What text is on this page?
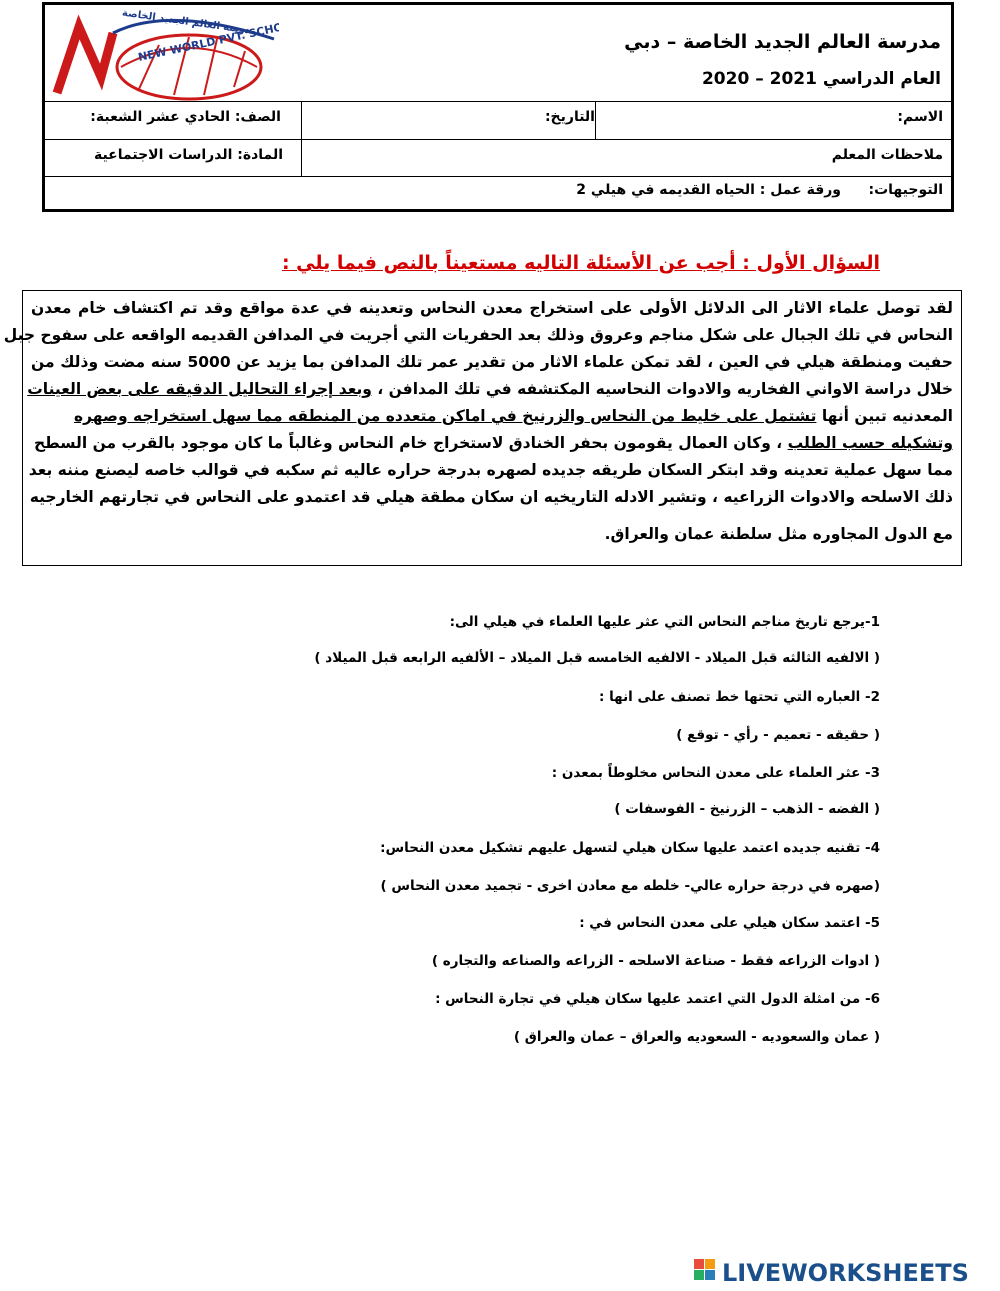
NEW WORLD PVT. SCHOOL
مدرسة العالم الجديد الخاصة
مدرسة العالم الجديد الخاصة – دبي
العام الدراسي 2021 – 2020
الاسم:
التاريخ:
الصف: الحادي عشر الشعبة:
ملاحظات المعلم
المادة: الدراسات الاجتماعية
التوجيهات:
ورقة عمل : الحياه القديمه في هيلي 2
السؤال الأول : أجب عن الأسئلة التاليه مستعيناً بالنص فيما يلي :
لقد توصل علماء الاثار الى الدلائل الأولى على استخراج معدن النحاس وتعدينه في عدة مواقع وقد تم اكتشاف خام معدن
النحاس في تلك الجبال على شكل مناجم وعروق وذلك بعد الحفريات التي أجريت في المدافن القديمه الواقعه على سفوح جبل
حفيت ومنطقة هيلي في العين ، لقد تمكن علماء الاثار من تقدير عمر تلك المدافن بما يزيد عن 5000 سنه مضت وذلك من
خلال دراسة الاواني الفخاريه والادوات النحاسيه المكتشفه في تلك المدافن ، وبعد إجراء التحاليل الدقيقه على بعض العينات
المعدنيه تبين أنها تشتمل على خليط من النحاس والزرنيخ في اماكن متعدده من المنطقه مما سهل استخراجه وصهره
وتشكيله حسب الطلب ، وكان العمال يقومون بحفر الخنادق لاستخراج خام النحاس وغالباً ما كان موجود بالقرب من السطح
مما سهل عملية تعدينه وقد ابتكر السكان طريقه جديده لصهره بدرجة حراره عاليه ثم سكبه في قوالب خاصه ليصنع مننه بعد
ذلك الاسلحه والادوات الزراعيه ، وتشير الادله التاريخيه ان سكان مطقة هيلي قد اعتمدو على النحاس في تجارتهم الخارجيه
مع الدول المجاوره مثل سلطنة عمان والعراق.
1-يرجع تاريخ مناجم النحاس التي عثر عليها العلماء في هيلي الى:
( الالفيه الثالثه قبل الميلاد - الالفيه الخامسه قبل الميلاد – الألفيه الرابعه قبل الميلاد )
2- العباره التي تحتها خط تصنف على انها :
( حقيقه - تعميم - رأي - توقع )
3- عثر العلماء على معدن النحاس مخلوطاً بمعدن :
( الفضه - الذهب – الزرنيخ - الفوسفات )
4- تقنيه جديده اعتمد عليها سكان هيلي لتسهل عليهم تشكيل معدن النحاس:
(صهره في درجة حراره عالي- خلطه مع معادن اخرى - تجميد معدن النحاس )
5- اعتمد سكان هيلي على معدن النحاس في :
( ادوات الزراعه فقط - صناعة الاسلحه - الزراعه والصناعه والتجاره )
6- من امثلة الدول التي اعتمد عليها سكان هيلي في تجارة النحاس :
( عمان والسعوديه - السعوديه والعراق – عمان والعراق )
LIVEWORKSHEETS
